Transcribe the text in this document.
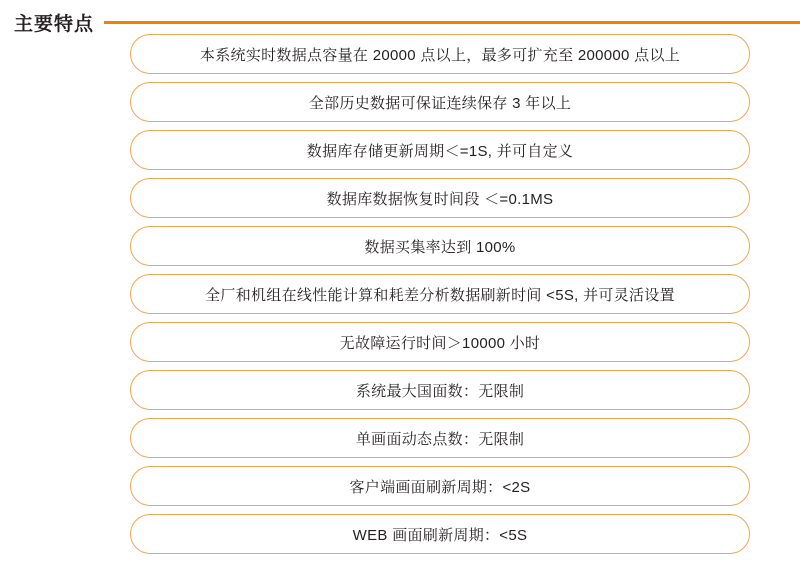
主要特点
本系统实时数据点容量在 20000 点以上，最多可扩充至 200000 点以上
全部历史数据可保证连续保存 3 年以上
数据库存储更新周期＜=1S, 并可自定义
数据库数据恢复时间段 ＜=0.1MS
数据买集率达到 100%
全厂和机组在线性能计算和耗差分析数据刷新时间 <5S, 并可灵活设置
无故障运行时间＞10000 小时
系统最大国面数：无限制
单画面动态点数：无限制
客户端画面刷新周期：<2S
WEB 画面刷新周期：<5S
